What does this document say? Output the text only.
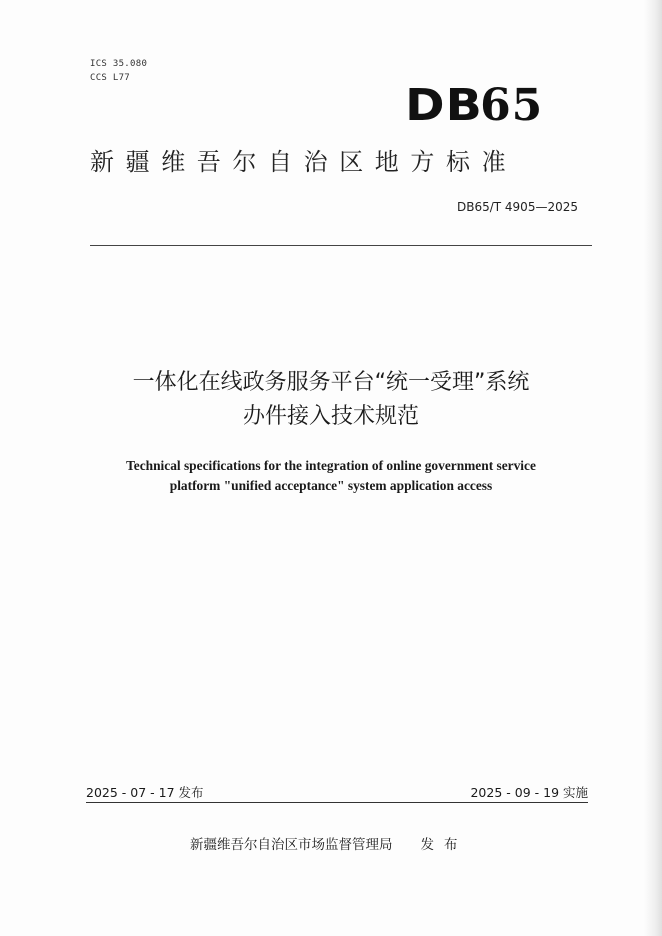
ICS 35.080
CCS L77
DB65
新疆维吾尔自治区地方标准
DB65/T 4905—2025
一体化在线政务服务平台“统一受理”系统
办件接入技术规范
Technical specifications for the integration of online government service
platform "unified acceptance" system application access
2025 - 07 - 17 发布	2025 - 09 - 19 实施
新疆维吾尔自治区市场监督管理局 发布
